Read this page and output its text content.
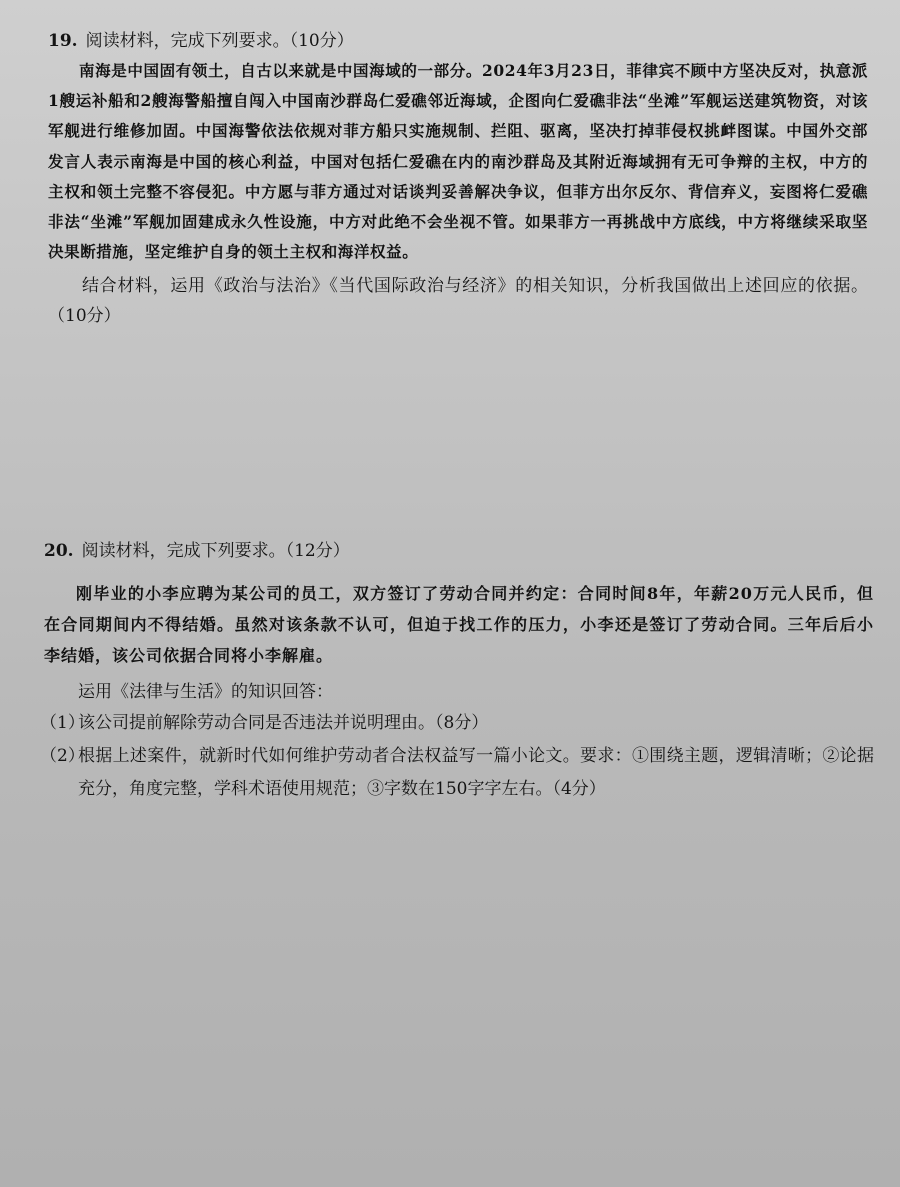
19. 阅读材料，完成下列要求。（10分）

南海是中国固有领土，自古以来就是中国海域的一部分。2024年3月23日，菲律宾不顾中方坚决反对，执意派1艘运补船和2艘海警船擅自闯入中国南沙群岛仁爱礁邻近海域，企图向仁爱礁非法“坐滩”军舰运送建筑物资，对该军舰进行维修加固。中国海警依法依规对菲方船只实施规制、拦阻、驱离，坚决打掉菲侵权挑衅图谋。中国外交部发言人表示南海是中国的核心利益，中国对包括仁爱礁在内的南沙群岛及其附近海域拥有无可争辩的主权，中方的主权和领土完整不容侵犯。中方愿与菲方通过对话谈判妥善解决争议，但菲方出尔反尔、背信弃义，妄图将仁爱礁非法“坐滩”军舰加固建成永久性设施，中方对此绝不会坐视不管。如果菲方一再挑战中方底线，中方将继续采取坚决果断措施，坚定维护自身的领土主权和海洋权益。

结合材料，运用《政治与法治》《当代国际政治与经济》的相关知识，分析我国做出上述回应的依据。（10分）

20. 阅读材料，完成下列要求。（12分）

刚毕业的小李应聘为某公司的员工，双方签订了劳动合同并约定：合同时间8年，年薪20万元人民币，但在合同期间内不得结婚。虽然对该条款不认可，但迫于找工作的压力，小李还是签订了劳动合同。三年后后小李结婚，该公司依据合同将小李解雇。

运用《法律与生活》的知识回答：

（1）
该公司提前解除劳动合同是否违法并说明理由。（8分）

（2）
根据上述案件，就新时代如何维护劳动者合法权益写一篇小论文。要求：①围绕主题，逻辑清晰；②论据充分，角度完整，学科术语使用规范；③字数在150字字左右。（4分）
